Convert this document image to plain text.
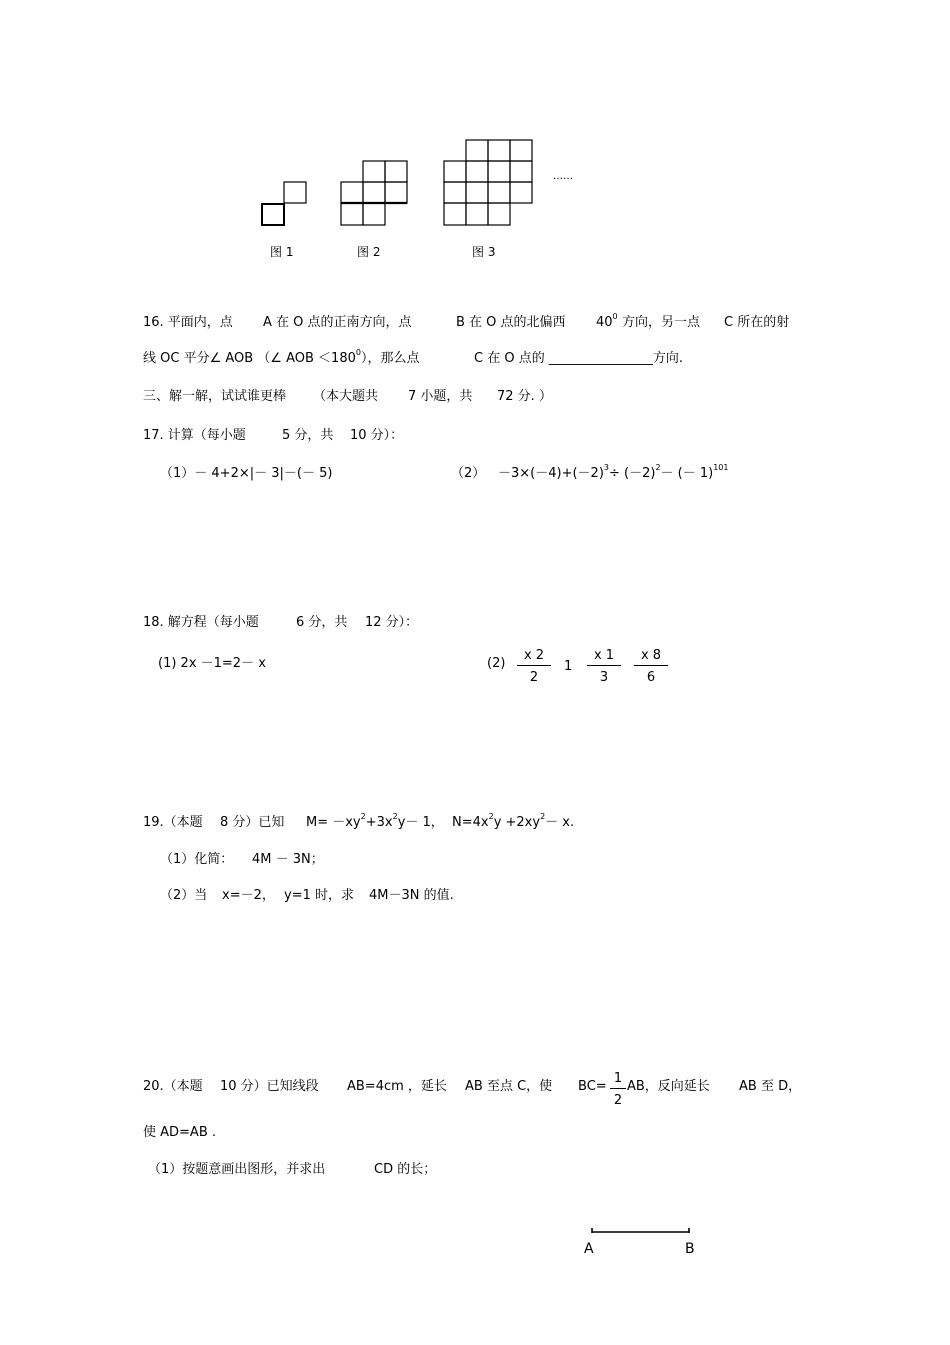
……
图 1	图 2	图 3
16. 平面内，点 A 在 O 点的正南方向，点	B 在 O 点的北偏西 $40^0$ 方向，另一点 C 所在的射
线 OC 平分∠ AOB （∠ AOB $<180^0$），那么点	C 在 O 点的 ________________方向.
三、解一解，试试谁更棒 （本大题共 7 小题，共 72 分. ）
17. 计算（每小题	5 分，共 10 分）：
（1）－ 4+2×|－ 3|－(－ 5)	$(2) -3\times(-4)+(-2)^3\div (-2)^2-$ (－ 1)$^{101}$
18. 解方程（每小题	6 分，共 12 分）：
(1) 2x －1=2－ x	(2)
x 2
2
1
x 1
3
x 8
6
19.（本题 8 分）已知 $M= -xy^2+3x^2y- 1$， $N=4x^2y +2xy^2- x$.
（1）化简： 4M － 3N；
（2）当 x=－2， y=1 时，求 4M－3N 的值.
20.（本题 10 分）已知线段 AB=4cm ，延长 AB 至点 C，使 BC=
1
2
AB，反向延长 AB 至 D，
使 AD=AB .
（1）按题意画出图形，并求出	CD 的长；
A	B
